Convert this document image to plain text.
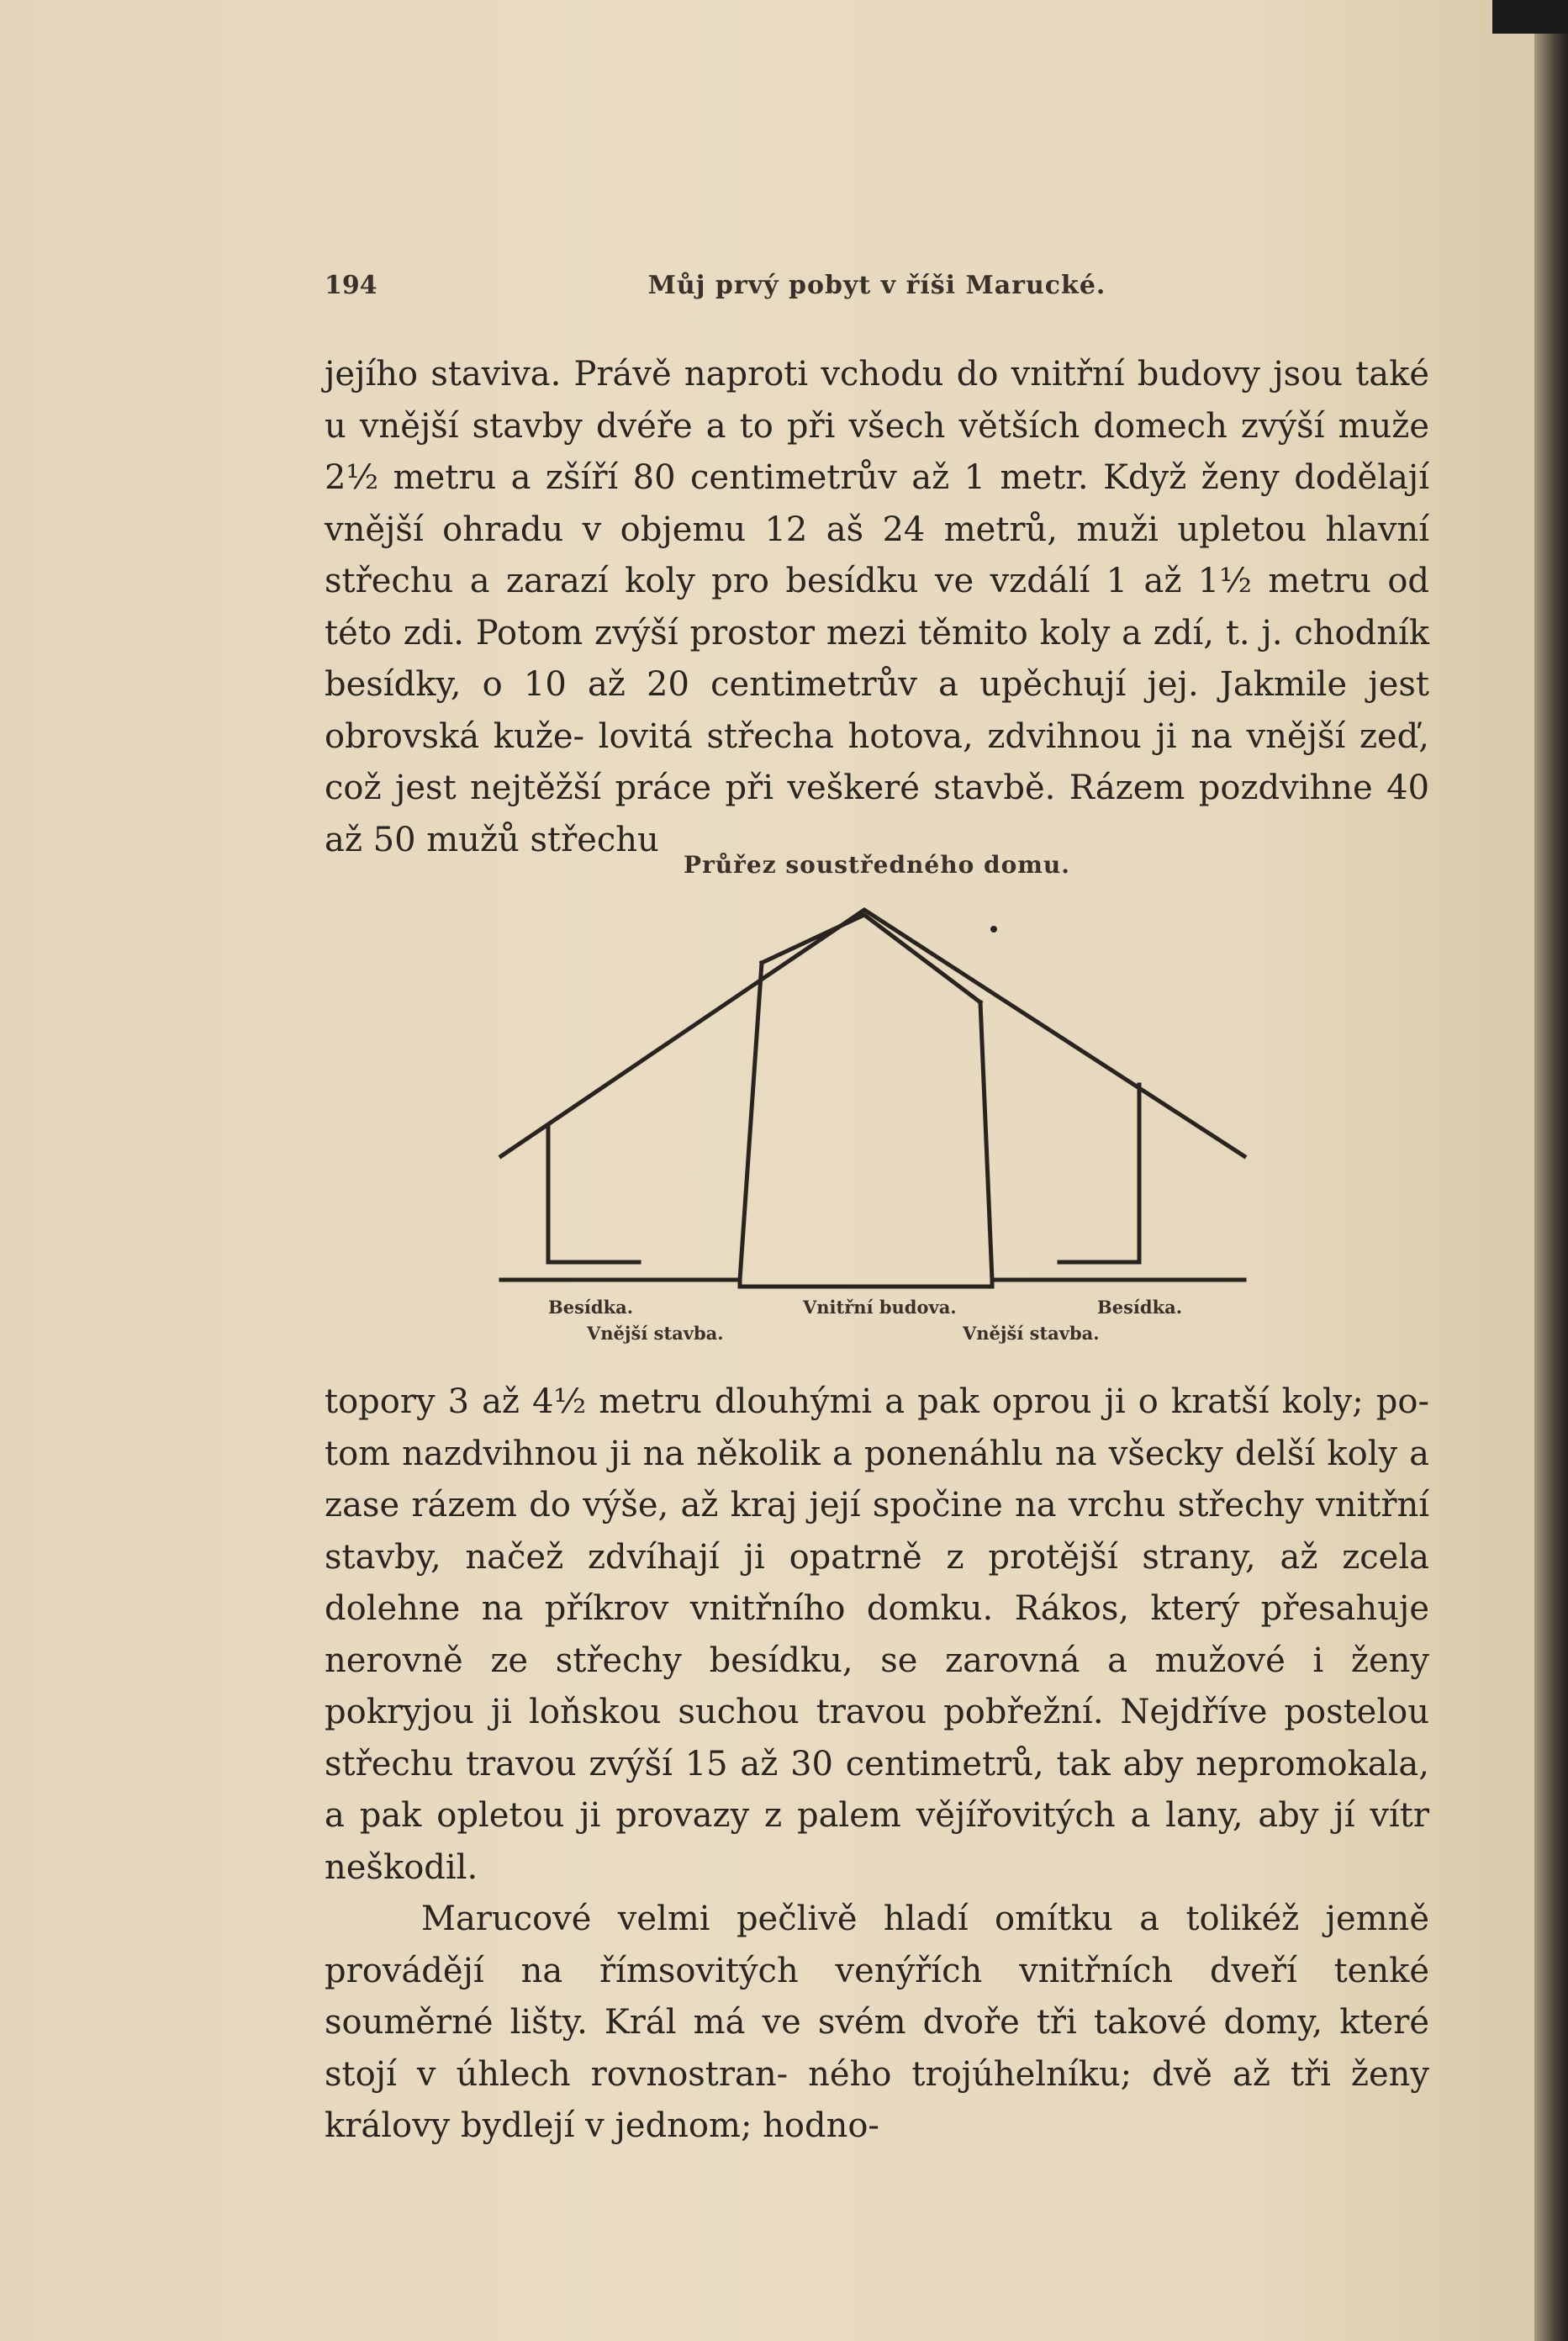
194	Můj prvý pobyt v říši Marucké.

jejího staviva. Právě naproti vchodu do vnitřní budovy jsou také u vnější stavby dvéře a to při všech větších domech zvýší muže 2½ metru a zšíří 80 centimetrův až 1 metr. Když ženy dodělají vnější ohradu v objemu 12 aš 24 metrů, muži upletou hlavní střechu a zarazí koly pro besídku ve vzdálí 1 až 1½ metru od této zdi. Potom zvýší prostor mezi těmito koly a zdí, t. j. chodník besídky, o 10 až 20 centimetrův a upěchují jej. Jakmile jest obrovská kuže- lovitá střecha hotova, zdvihnou ji na vnější zeď, což jest nejtěžší práce při veškeré stavbě. Rázem pozdvihne 40 až 50 mužů střechu

Průřez soustředného domu.
Besídka.	Vnitřní budova.	Besídka.
Vnější stavba.	Vnější stavba.

topory 3 až 4½ metru dlouhými a pak oprou ji o kratší koly; po- tom nazdvihnou ji na několik a ponenáhlu na všecky delší koly a zase rázem do výše, až kraj její spočine na vrchu střechy vnitřní stavby, načež zdvíhají ji opatrně z protější strany, až zcela dolehne na příkrov vnitřního domku. Rákos, který přesahuje nerovně ze střechy besídku, se zarovná a mužové i ženy pokryjou ji loňskou suchou travou pobřežní. Nejdříve postelou střechu travou zvýší 15 až 30 centimetrů, tak aby nepromokala, a pak opletou ji provazy z palem vějířovitých a lany, aby jí vítr neškodil.

Marucové velmi pečlivě hladí omítku a tolikéž jemně provádějí na římsovitých venýřích vnitřních dveří tenké souměrné lišty. Král má ve svém dvoře tři takové domy, které stojí v úhlech rovnostran- ného trojúhelníku; dvě až tři ženy královy bydlejí v jednom; hodno-
